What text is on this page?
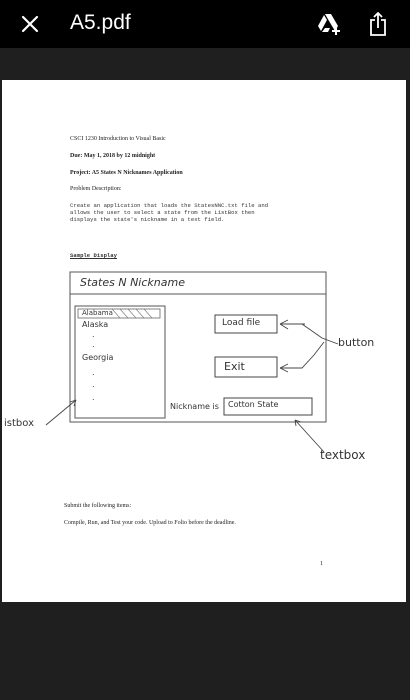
A5.pdf
CSCI 1230 Introduction to Visual Basic
Due: May 1, 2018 by 12 midnight
Project: A5 States N Nicknames Application
Problem Description:
Create an application that loads the StatesNNC.txt file and
allows the user to select a state from the ListBox then
displays the state's nickname in a text field.
Sample Display
States N Nickname
Alabama
Alaska
.
.
Georgia
.
.
.
Load file
Exit
Nickname is Cotton State
button
istbox
textbox
Submit the following items:
Compile, Run, and Test your code. Upload to Folio before the deadline.
1
